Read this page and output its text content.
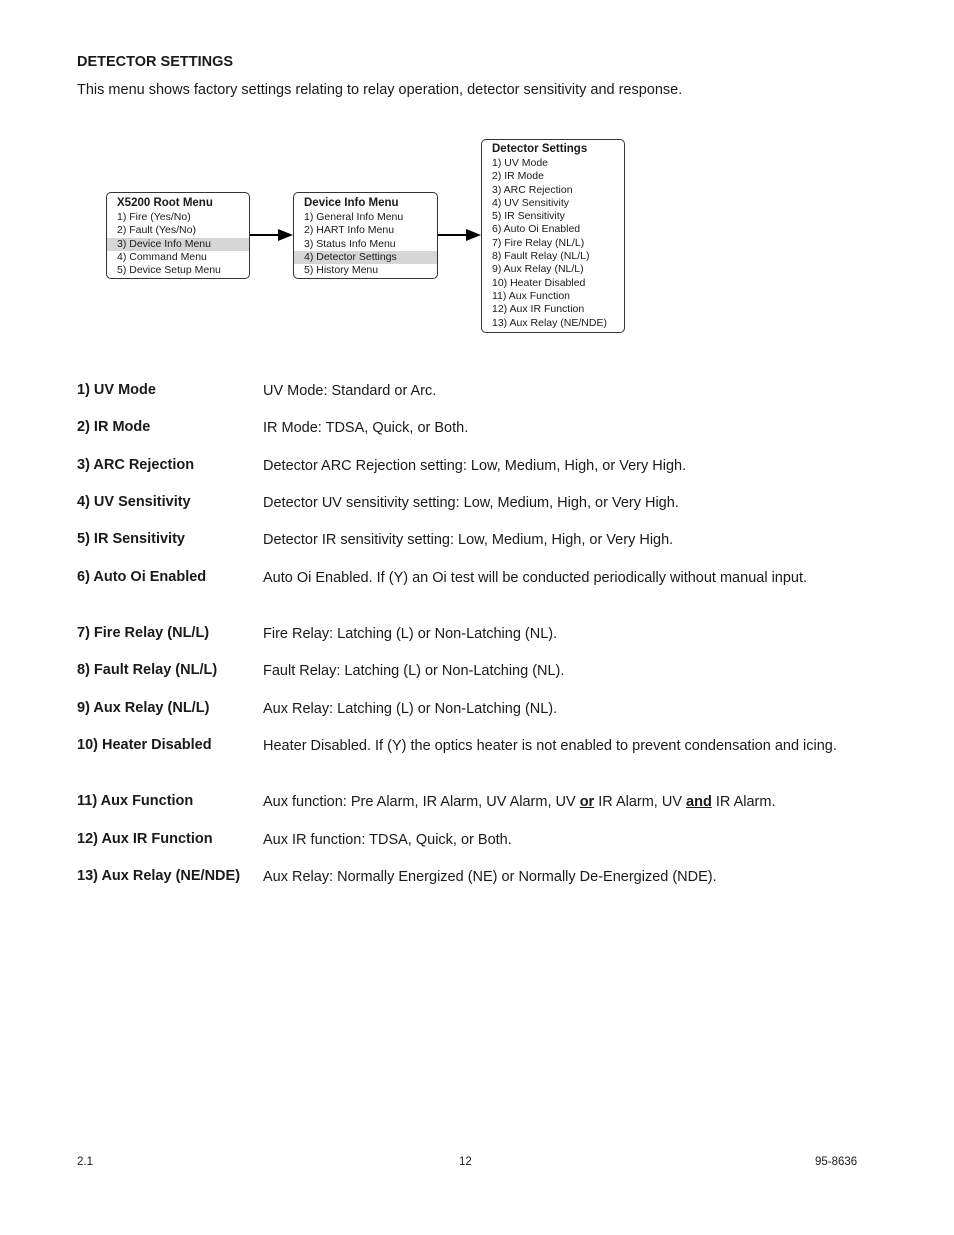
DETECTOR SETTINGS
This menu shows factory settings relating to relay operation, detector sensitivity and response.
X5200 Root Menu
1) Fire (Yes/No)
2) Fault (Yes/No)
3) Device Info Menu
4) Command Menu
5) Device Setup Menu
Device Info Menu
1) General Info Menu
2) HART Info Menu
3) Status Info Menu
4) Detector Settings
5) History Menu
Detector Settings
1) UV Mode
2) IR Mode
3) ARC Rejection
4) UV Sensitivity
5) IR Sensitivity
6) Auto Oi Enabled
7) Fire Relay (NL/L)
8) Fault Relay (NL/L)
9) Aux Relay (NL/L)
10) Heater Disabled
11) Aux Function
12) Aux IR Function
13) Aux Relay (NE/NDE)
1) UV Mode	UV Mode: Standard or Arc.
2) IR Mode	IR Mode: TDSA, Quick, or Both.
3) ARC Rejection	Detector ARC Rejection setting: Low, Medium, High, or Very High.
4) UV Sensitivity	Detector UV sensitivity setting: Low, Medium, High, or Very High.
5) IR Sensitivity	Detector IR sensitivity setting: Low, Medium, High, or Very High.
6) Auto Oi Enabled	Auto Oi Enabled. If (Y) an Oi test will be conducted periodically without manual input.
7) Fire Relay (NL/L)	Fire Relay: Latching (L) or Non-Latching (NL).
8) Fault Relay (NL/L)	Fault Relay: Latching (L) or Non-Latching (NL).
9) Aux Relay (NL/L)	Aux Relay: Latching (L) or Non-Latching (NL).
10) Heater Disabled	Heater Disabled. If (Y) the optics heater is not enabled to prevent condensation and icing.
11) Aux Function	Aux function: Pre Alarm, IR Alarm, UV Alarm, UV or IR Alarm, UV and IR Alarm.
12) Aux IR Function	Aux IR function: TDSA, Quick, or Both.
13) Aux Relay (NE/NDE)	Aux Relay: Normally Energized (NE) or Normally De-Energized (NDE).
2.1	12	95-8636
